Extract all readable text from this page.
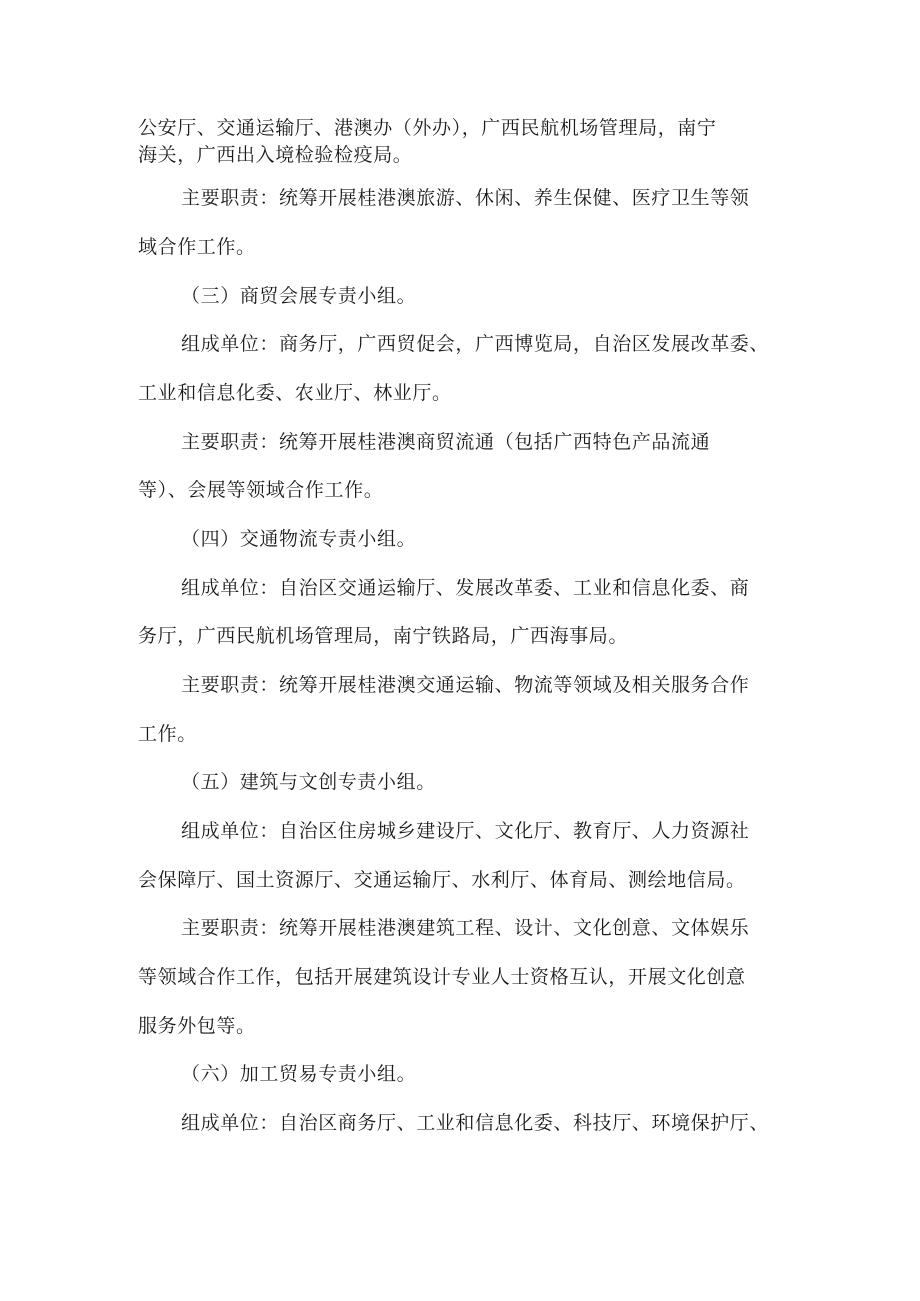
公安厅、交通运输厅、港澳办（外办），广西民航机场管理局，南宁
海关，广西出入境检验检疫局。
主要职责：统筹开展桂港澳旅游、休闲、养生保健、医疗卫生等领
域合作工作。
（三）商贸会展专责小组。
组成单位：商务厅，广西贸促会，广西博览局，自治区发展改革委、
工业和信息化委、农业厅、林业厅。
主要职责：统筹开展桂港澳商贸流通（包括广西特色产品流通
等）、会展等领域合作工作。
（四）交通物流专责小组。
组成单位：自治区交通运输厅、发展改革委、工业和信息化委、商
务厅，广西民航机场管理局，南宁铁路局，广西海事局。
主要职责：统筹开展桂港澳交通运输、物流等领域及相关服务合作
工作。
（五）建筑与文创专责小组。
组成单位：自治区住房城乡建设厅、文化厅、教育厅、人力资源社
会保障厅、国土资源厅、交通运输厅、水利厅、体育局、测绘地信局。
主要职责：统筹开展桂港澳建筑工程、设计、文化创意、文体娱乐
等领域合作工作，包括开展建筑设计专业人士资格互认，开展文化创意
服务外包等。
（六）加工贸易专责小组。
组成单位：自治区商务厅、工业和信息化委、科技厅、环境保护厅、
